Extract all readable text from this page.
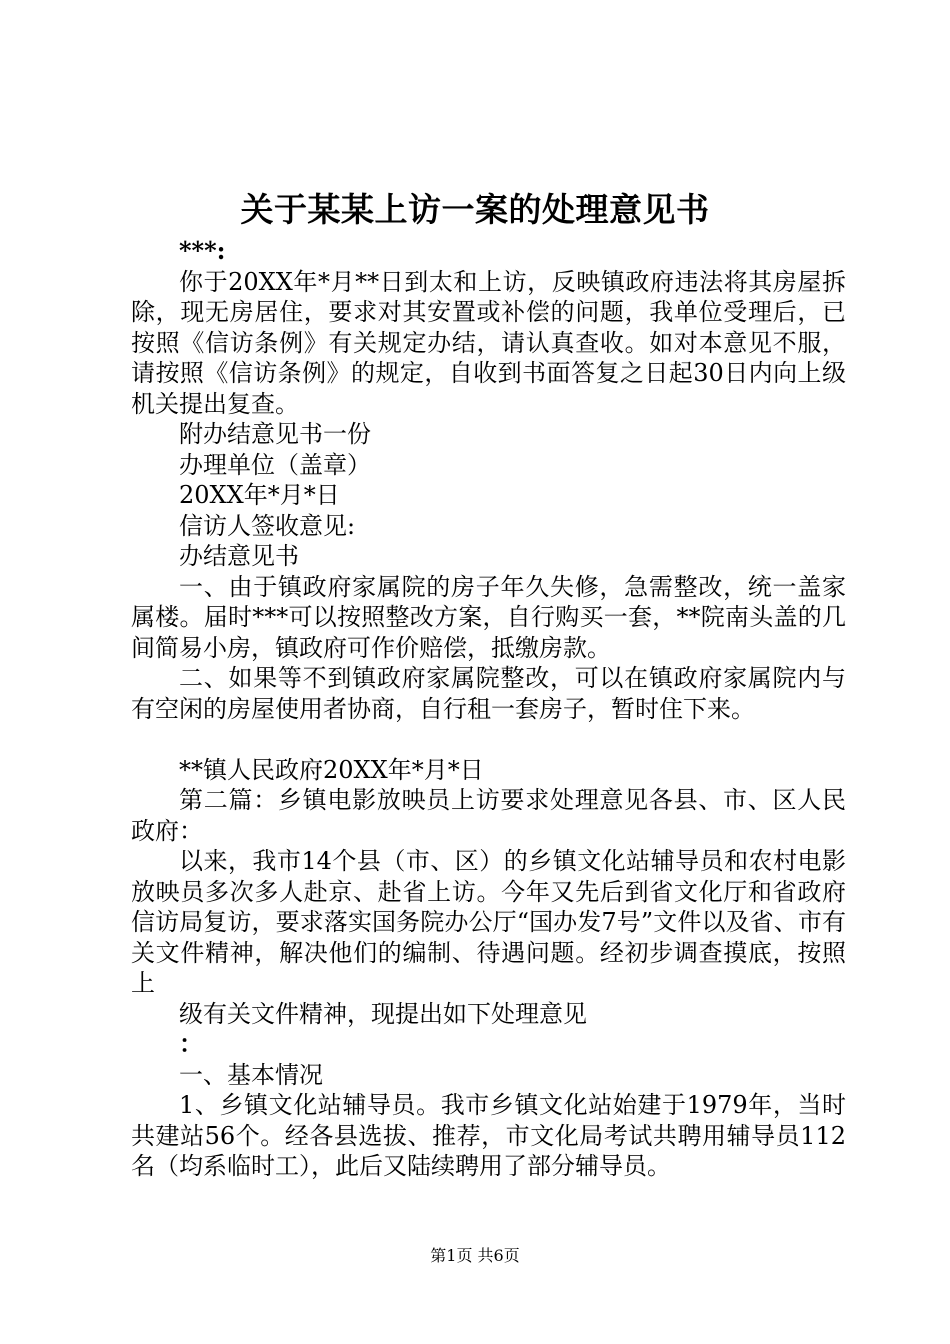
关于某某上访一案的处理意见书

***:

你于20XX年*月**日到太和上访，反映镇政府违法将其房屋拆除，现无房居住，要求对其安置或补偿的问题，我单位受理后，已按照《信访条例》有关规定办结，请认真查收。如对本意见不服，请按照《信访条例》的规定，自收到书面答复之日起30日内向上级机关提出复查。

附办结意见书一份

办理单位（盖章）

20XX年*月*日

信访人签收意见:

办结意见书

一、由于镇政府家属院的房子年久失修，急需整改，统一盖家属楼。届时***可以按照整改方案，自行购买一套，**院南头盖的几间简易小房，镇政府可作价赔偿，抵缴房款。

二、如果等不到镇政府家属院整改，可以在镇政府家属院内与有空闲的房屋使用者协商，自行租一套房子，暂时住下来。

**镇人民政府20XX年*月*日

第二篇：乡镇电影放映员上访要求处理意见各县、市、区人民政府：

以来，我市14个县（市、区）的乡镇文化站辅导员和农村电影放映员多次多人赴京、赴省上访。今年又先后到省文化厅和省政府信访局复访，要求落实国务院办公厅“国办发7号”文件以及省、市有关文件精神，解决他们的编制、待遇问题。经初步调查摸底，按照上

级有关文件精神，现提出如下处理意见

：

一、基本情况

1、乡镇文化站辅导员。我市乡镇文化站始建于1979年，当时共建站56个。经各县选拔、推荐，市文化局考试共聘用辅导员112名（均系临时工），此后又陆续聘用了部分辅导员。

第1页 共6页
